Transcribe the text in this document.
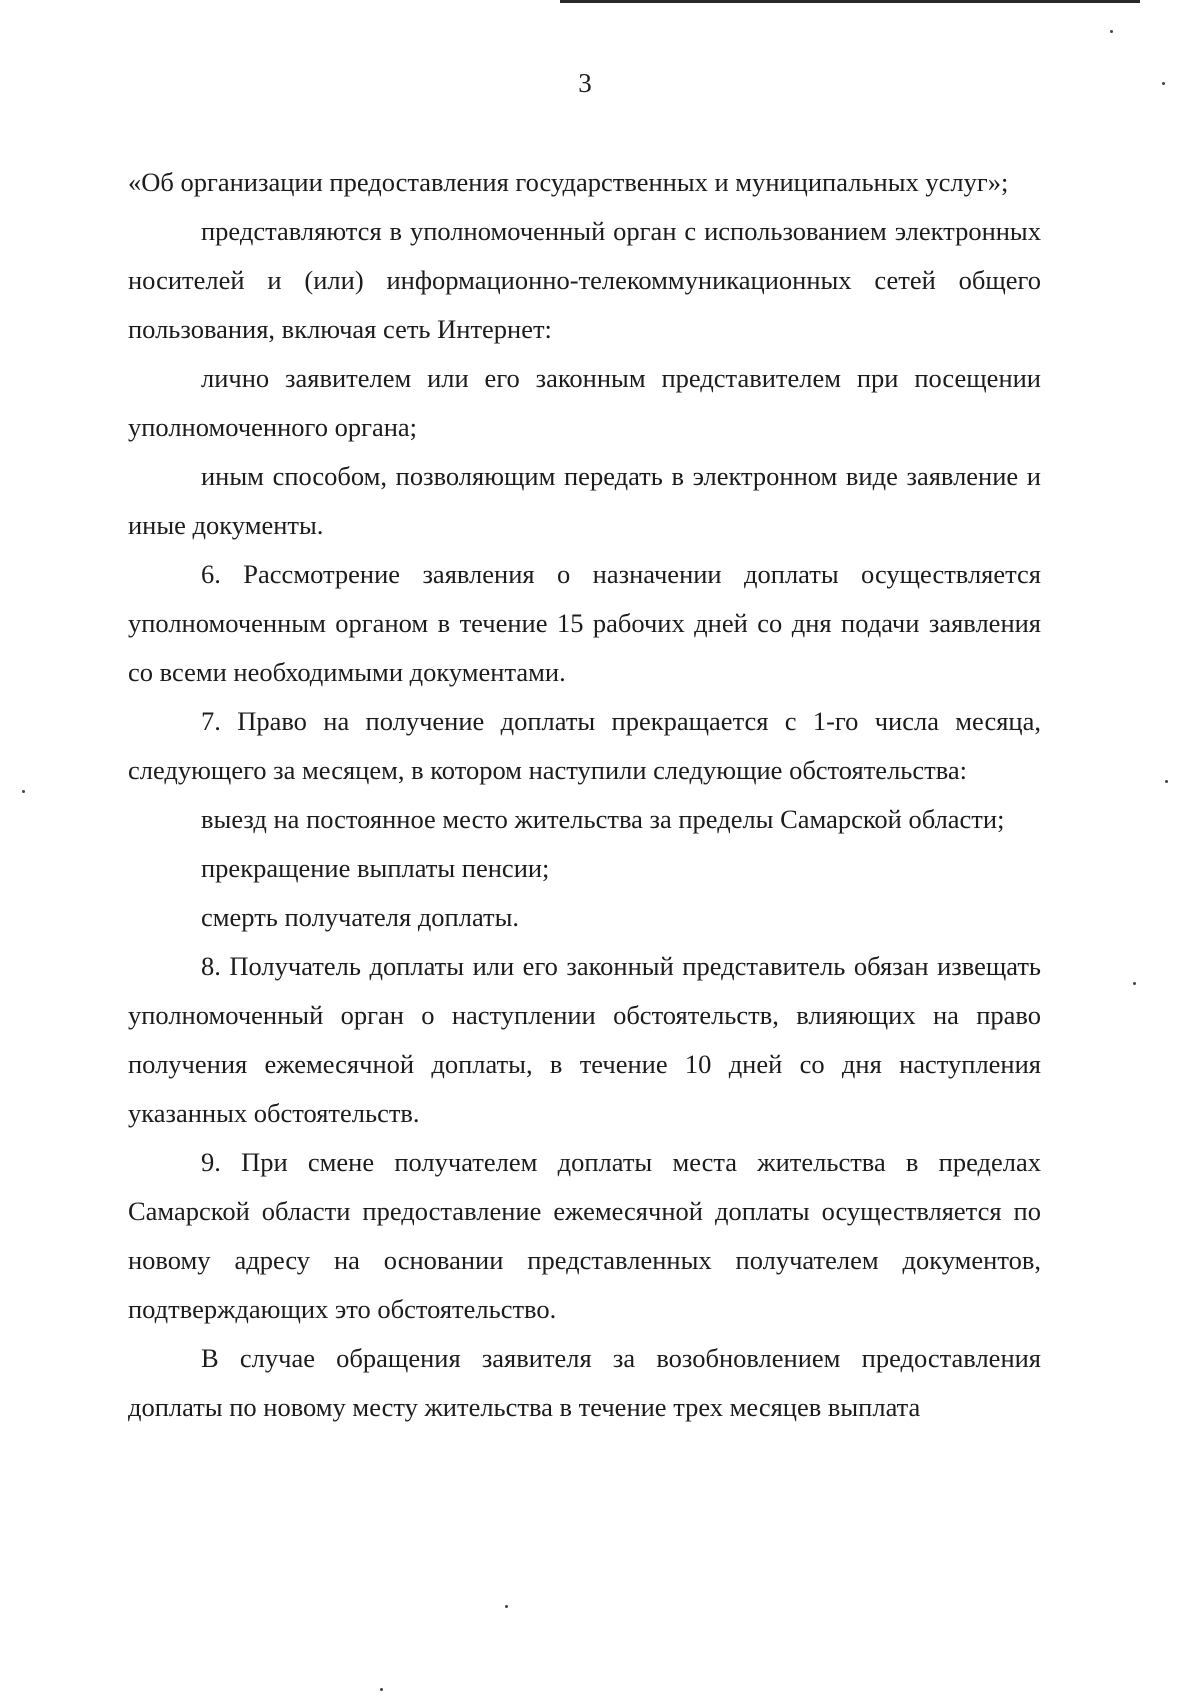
3

«Об организации предоставления государственных и муниципальных услуг»;

представляются в уполномоченный орган с использованием электронных носителей и (или) информационно-телекоммуникационных сетей общего пользования, включая сеть Интернет:

лично заявителем или его законным представителем при посещении уполномоченного органа;

иным способом, позволяющим передать в электронном виде заявление и иные документы.

6. Рассмотрение заявления о назначении доплаты осуществляется уполномоченным органом в течение 15 рабочих дней со дня подачи заявления со всеми необходимыми документами.

7. Право на получение доплаты прекращается с 1-го числа месяца, следующего за месяцем, в котором наступили следующие обстоятельства:

выезд на постоянное место жительства за пределы Самарской области;

прекращение выплаты пенсии;

смерть получателя доплаты.

8. Получатель доплаты или его законный представитель обязан извещать уполномоченный орган о наступлении обстоятельств, влияющих на право получения ежемесячной доплаты, в течение 10 дней со дня наступления указанных обстоятельств.

9. При смене получателем доплаты места жительства в пределах Самарской области предоставление ежемесячной доплаты осуществляется по новому адресу на основании представленных получателем документов, подтверждающих это обстоятельство.

В случае обращения заявителя за возобновлением предоставления доплаты по новому месту жительства в течение трех месяцев выплата
